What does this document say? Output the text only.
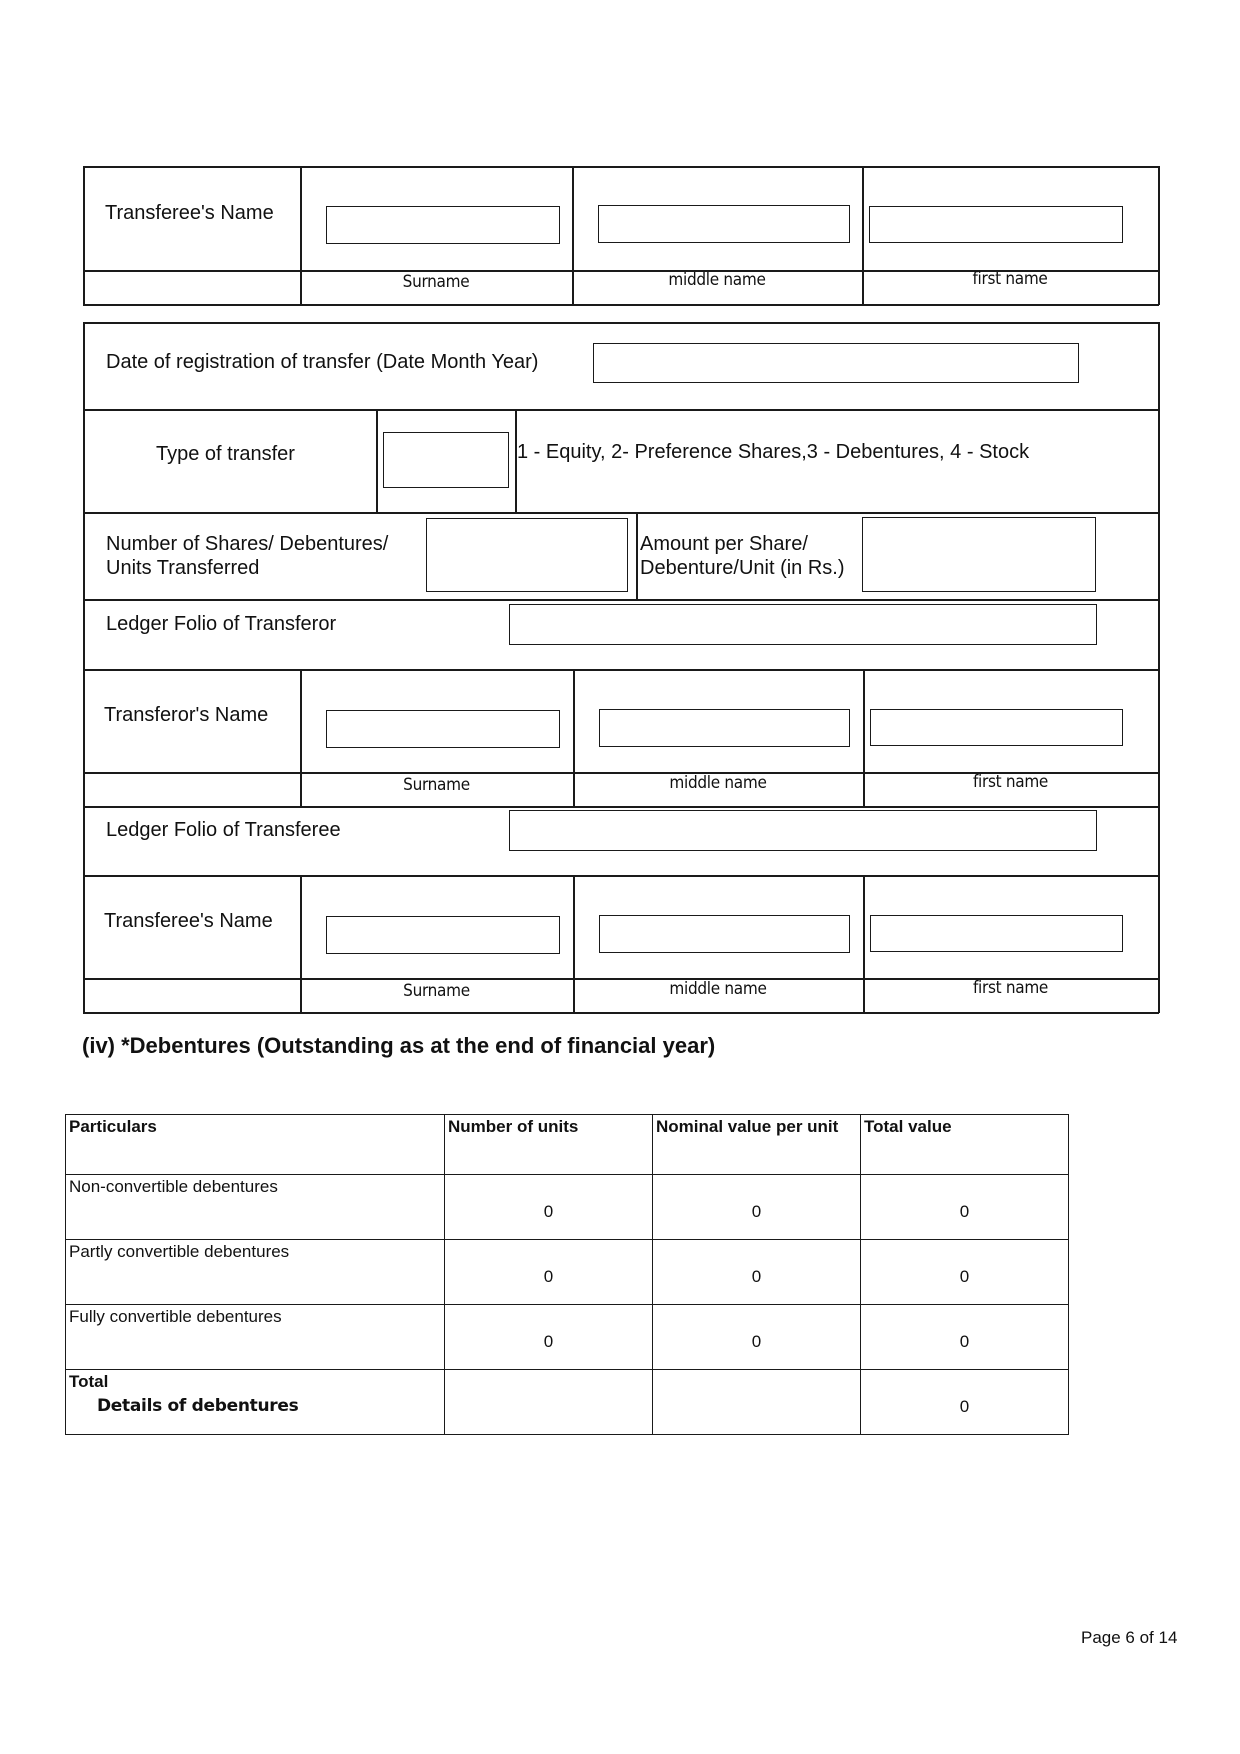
Transferee's Name
Surname	middle name	first name
Date of registration of transfer (Date Month Year)
Type of transfer	1 - Equity, 2- Preference Shares,3 - Debentures, 4 - Stock
Number of Shares/ Debentures/
Units Transferred
Amount per Share/
Debenture/Unit (in Rs.)
Ledger Folio of Transferor
Transferor's Name
Surname	middle name	first name
Ledger Folio of Transferee
Transferee's Name
Surname	middle name	first name
(iv) *Debentures (Outstanding as at the end of financial year)
Particulars	Number of units	Nominal value per unit	Total value
Non-convertible debentures	0	0	0
Partly convertible debentures	0	0	0
Fully convertible debentures	0	0	0
Total			0
Details of debentures
Page 6 of 14
